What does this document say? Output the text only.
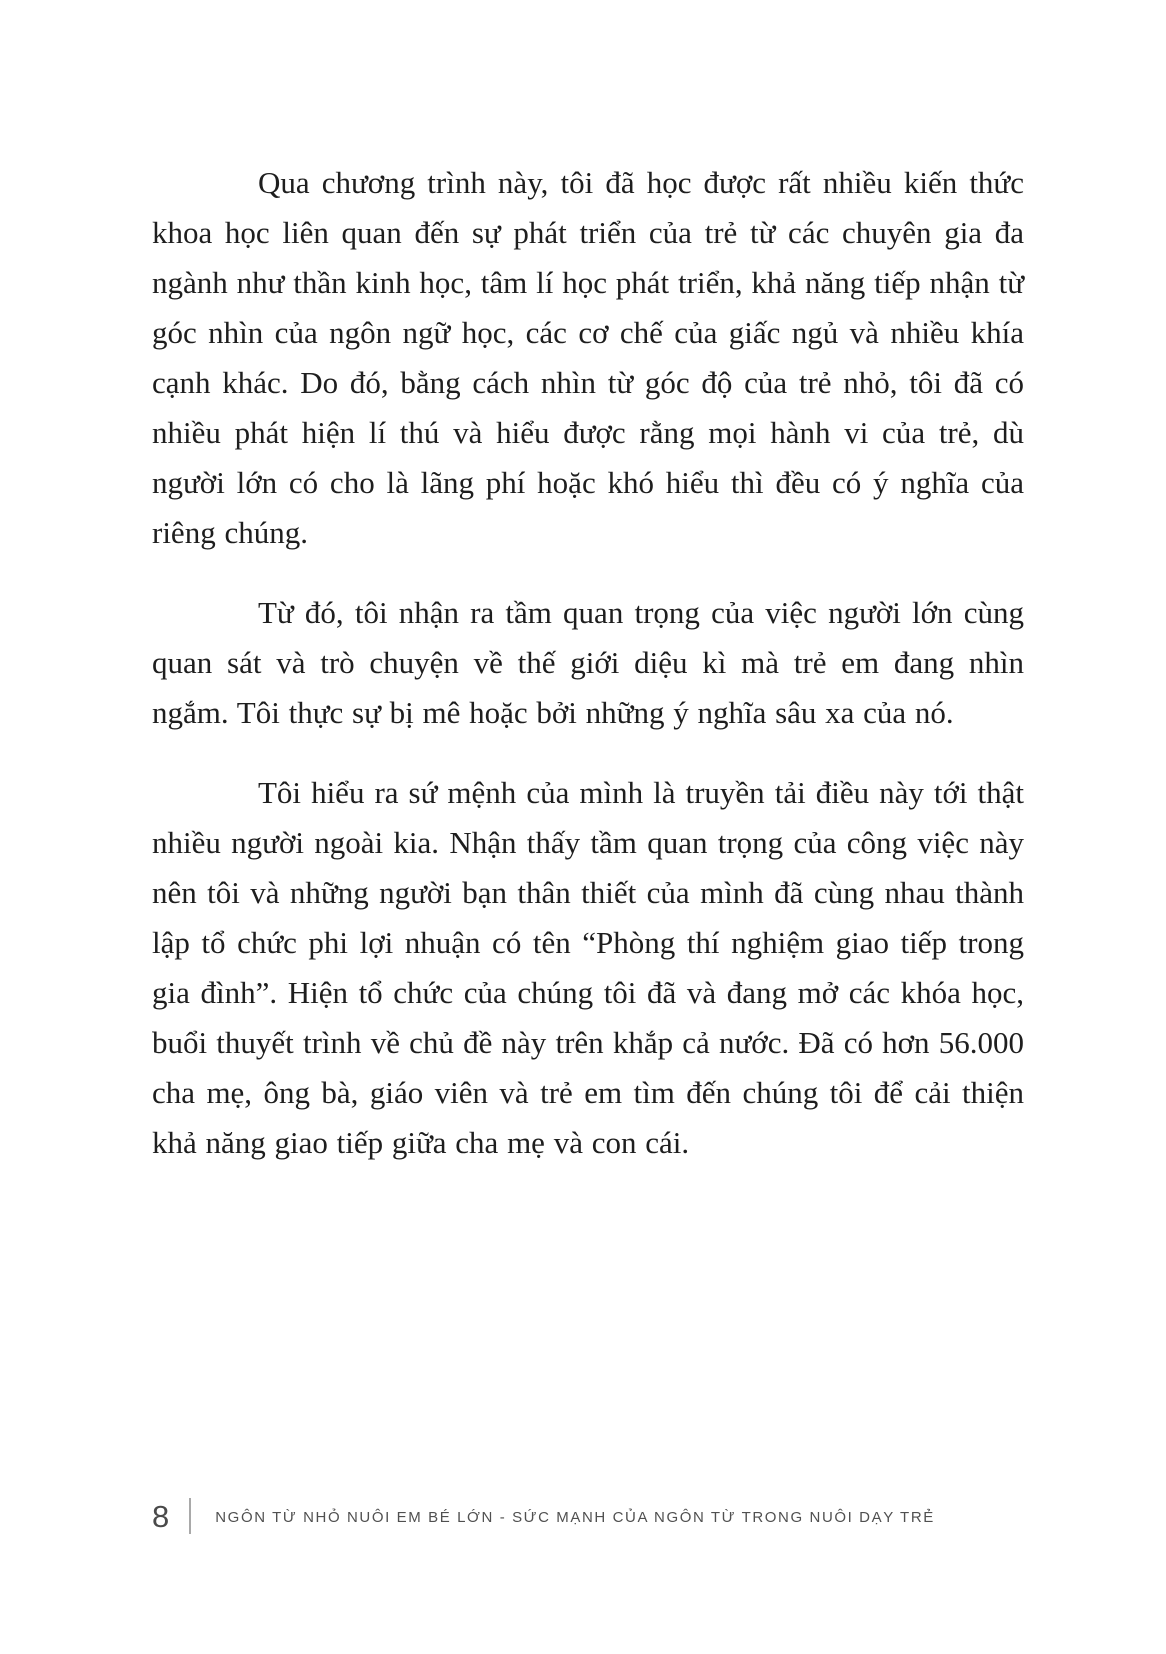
Qua chương trình này, tôi đã học được rất nhiều kiến thức khoa học liên quan đến sự phát triển của trẻ từ các chuyên gia đa ngành như thần kinh học, tâm lí học phát triển, khả năng tiếp nhận từ góc nhìn của ngôn ngữ học, các cơ chế của giấc ngủ và nhiều khía cạnh khác. Do đó, bằng cách nhìn từ góc độ của trẻ nhỏ, tôi đã có nhiều phát hiện lí thú và hiểu được rằng mọi hành vi của trẻ, dù người lớn có cho là lãng phí hoặc khó hiểu thì đều có ý nghĩa của riêng chúng.

Từ đó, tôi nhận ra tầm quan trọng của việc người lớn cùng quan sát và trò chuyện về thế giới diệu kì mà trẻ em đang nhìn ngắm. Tôi thực sự bị mê hoặc bởi những ý nghĩa sâu xa của nó.

Tôi hiểu ra sứ mệnh của mình là truyền tải điều này tới thật nhiều người ngoài kia. Nhận thấy tầm quan trọng của công việc này nên tôi và những người bạn thân thiết của mình đã cùng nhau thành lập tổ chức phi lợi nhuận có tên “Phòng thí nghiệm giao tiếp trong gia đình”. Hiện tổ chức của chúng tôi đã và đang mở các khóa học, buổi thuyết trình về chủ đề này trên khắp cả nước. Đã có hơn 56.000 cha mẹ, ông bà, giáo viên và trẻ em tìm đến chúng tôi để cải thiện khả năng giao tiếp giữa cha mẹ và con cái.

8	NGÔN TỪ NHỎ NUÔI EM BÉ LỚN - SỨC MẠNH CỦA NGÔN TỪ TRONG NUÔI DẠY TRẺ
